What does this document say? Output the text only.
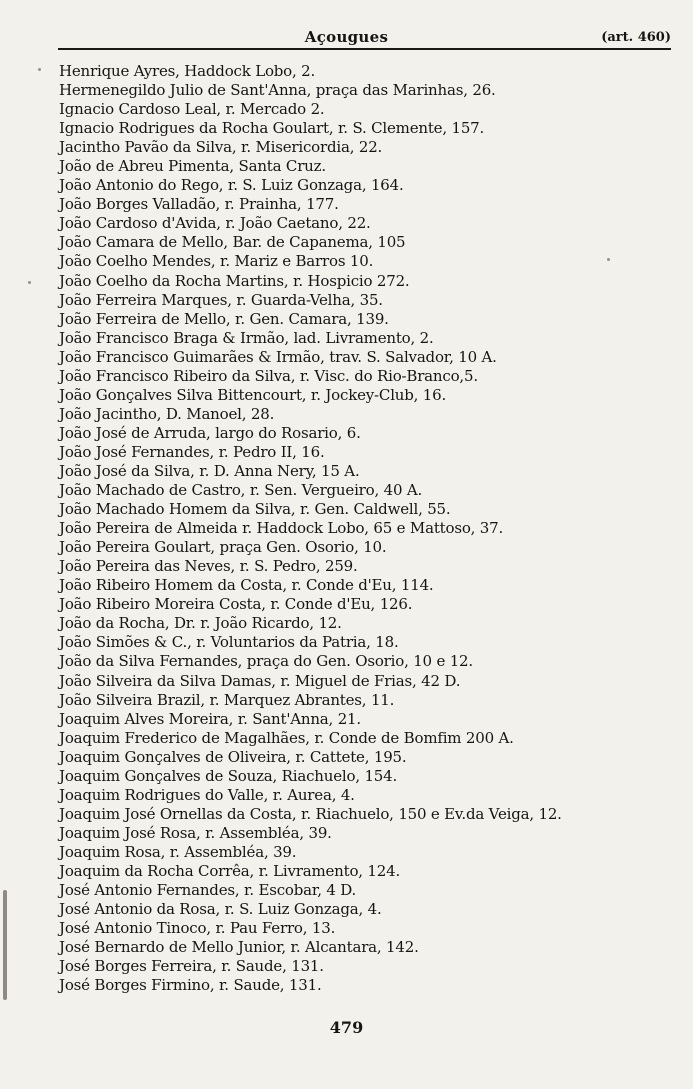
Açougues	(art. 460)
Henrique Ayres, Haddock Lobo, 2.
Hermenegildo Julio de Sant'Anna, praça das Marinhas, 26.
Ignacio Cardoso Leal, r. Mercado 2.
Ignacio Rodrigues da Rocha Goulart, r. S. Clemente, 157.
Jacintho Pavão da Silva, r. Misericordia, 22.
João de Abreu Pimenta, Santa Cruz.
João Antonio do Rego, r. S. Luiz Gonzaga, 164.
João Borges Valladão, r. Prainha, 177.
João Cardoso d'Avida, r. João Caetano, 22.
João Camara de Mello, Bar. de Capanema, 105
João Coelho Mendes, r. Mariz e Barros 10.
João Coelho da Rocha Martins, r. Hospicio 272.
João Ferreira Marques, r. Guarda-Velha, 35.
João Ferreira de Mello, r. Gen. Camara, 139.
João Francisco Braga & Irmão, lad. Livramento, 2.
João Francisco Guimarães & Irmão, trav. S. Salvador, 10 A.
João Francisco Ribeiro da Silva, r. Visc. do Rio-Branco,5.
João Gonçalves Silva Bittencourt, r. Jockey-Club, 16.
João Jacintho, D. Manoel, 28.
João José de Arruda, largo do Rosario, 6.
João José Fernandes, r. Pedro II, 16.
João José da Silva, r. D. Anna Nery, 15 A.
João Machado de Castro, r. Sen. Vergueiro, 40 A.
João Machado Homem da Silva, r. Gen. Caldwell, 55.
João Pereira de Almeida r. Haddock Lobo, 65 e Mattoso, 37.
João Pereira Goulart, praça Gen. Osorio, 10.
João Pereira das Neves, r. S. Pedro, 259.
João Ribeiro Homem da Costa, r. Conde d'Eu, 114.
João Ribeiro Moreira Costa, r. Conde d'Eu, 126.
João da Rocha, Dr. r. João Ricardo, 12.
João Simões & C., r. Voluntarios da Patria, 18.
João da Silva Fernandes, praça do Gen. Osorio, 10 e 12.
João Silveira da Silva Damas, r. Miguel de Frias, 42 D.
João Silveira Brazil, r. Marquez Abrantes, 11.
Joaquim Alves Moreira, r. Sant'Anna, 21.
Joaquim Frederico de Magalhães, r. Conde de Bomfim 200 A.
Joaquim Gonçalves de Oliveira, r. Cattete, 195.
Joaquim Gonçalves de Souza, Riachuelo, 154.
Joaquim Rodrigues do Valle, r. Aurea, 4.
Joaquim José Ornellas da Costa, r. Riachuelo, 150 e Ev.da Veiga, 12.
Joaquim José Rosa, r. Assembléa, 39.
Joaquim Rosa, r. Assembléa, 39.
Joaquim da Rocha Corrêa, r. Livramento, 124.
José Antonio Fernandes, r. Escobar, 4 D.
José Antonio da Rosa, r. S. Luiz Gonzaga, 4.
José Antonio Tinoco, r. Pau Ferro, 13.
José Bernardo de Mello Junior, r. Alcantara, 142.
José Borges Ferreira, r. Saude, 131.
José Borges Firmino, r. Saude, 131.
479
